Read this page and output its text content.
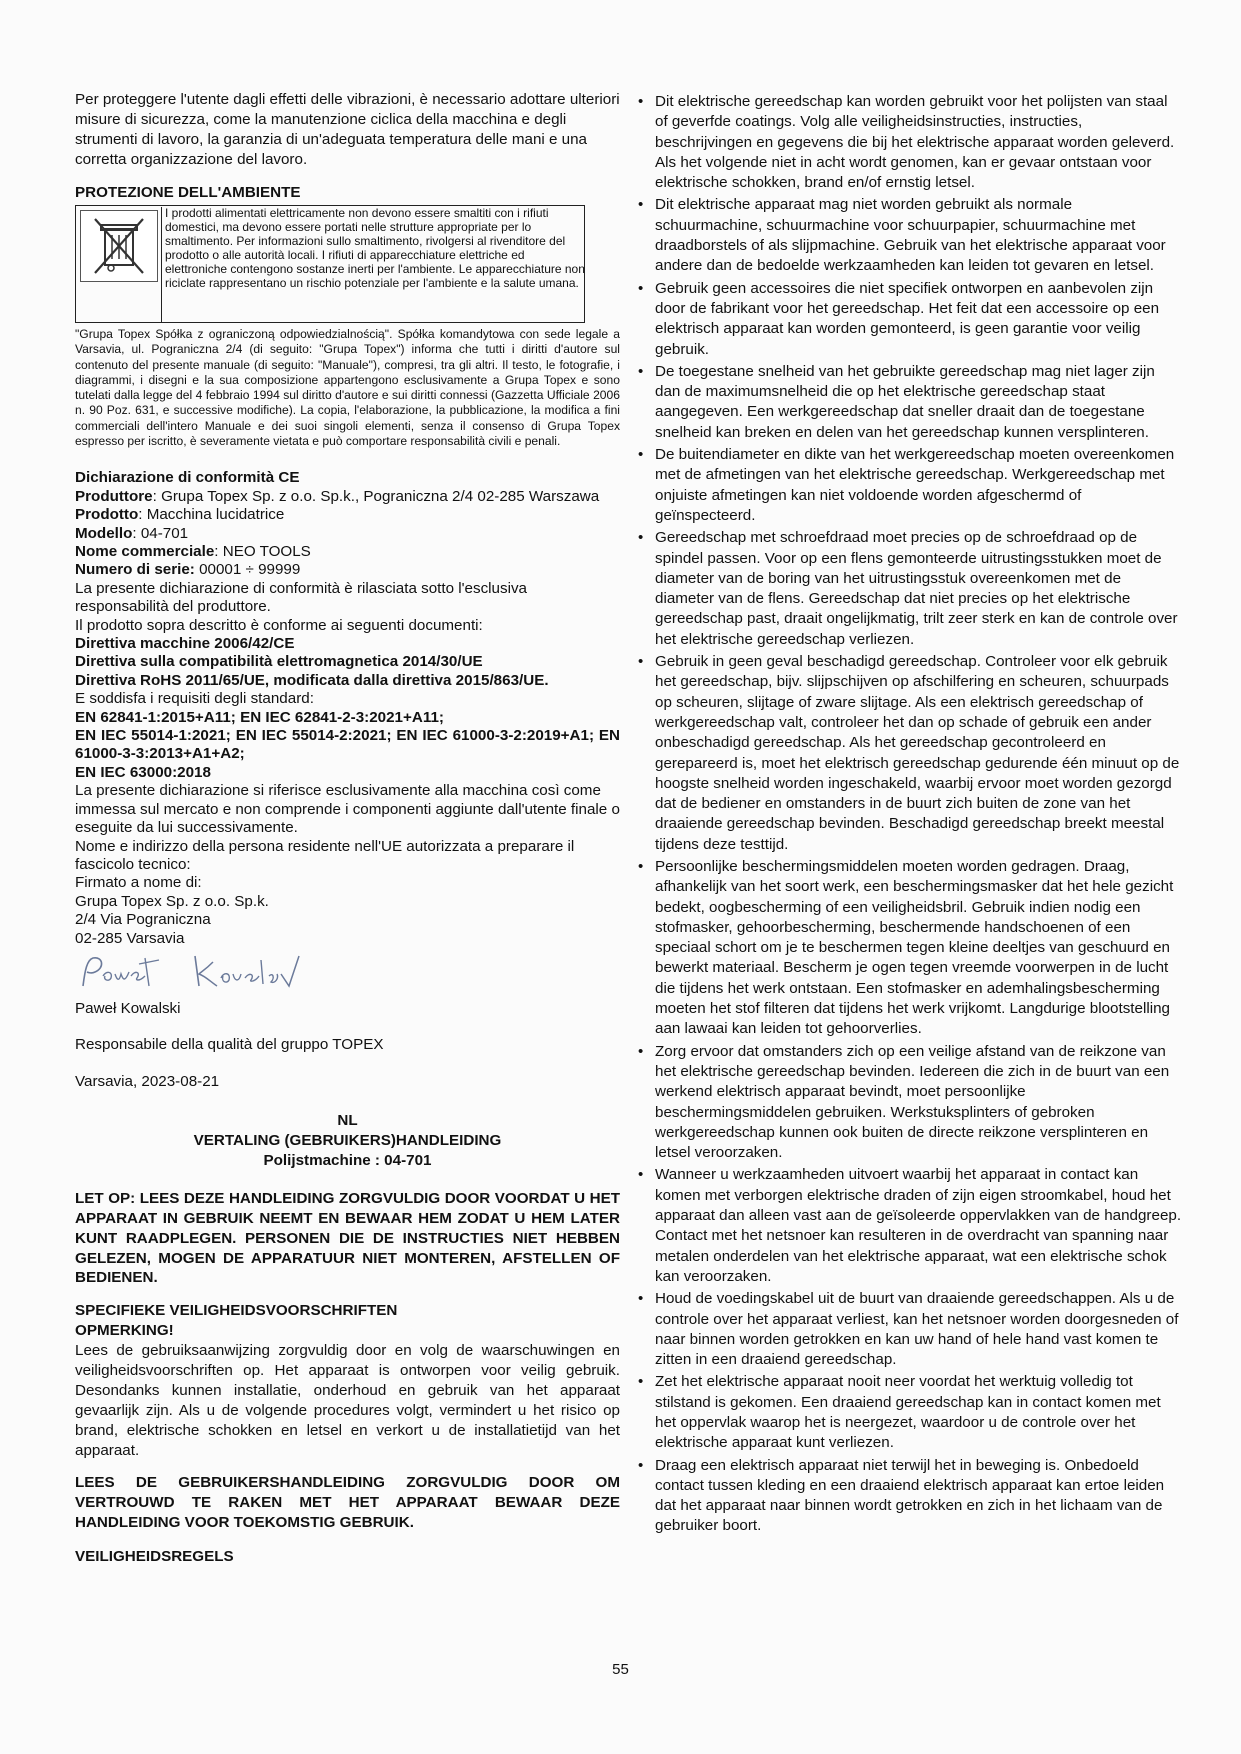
Per proteggere l'utente dagli effetti delle vibrazioni, è necessario adottare ulteriori misure di sicurezza, come la manutenzione ciclica della macchina e degli strumenti di lavoro, la garanzia di un'adeguata temperatura delle mani e una corretta organizzazione del lavoro.

PROTEZIONE DELL'AMBIENTE

I prodotti alimentati elettricamente non devono essere smaltiti con i rifiuti domestici, ma devono essere portati nelle strutture appropriate per lo smaltimento. Per informazioni sullo smaltimento, rivolgersi al rivenditore del prodotto o alle autorità locali. I rifiuti di apparecchiature elettriche ed elettroniche contengono sostanze inerti per l'ambiente. Le apparecchiature non riciclate rappresentano un rischio potenziale per l'ambiente e la salute umana.

"Grupa Topex Spółka z ograniczoną odpowiedzialnością". Spółka komandytowa con sede legale a Varsavia, ul. Pograniczna 2/4 (di seguito: "Grupa Topex") informa che tutti i diritti d'autore sul contenuto del presente manuale (di seguito: "Manuale"), compresi, tra gli altri. Il testo, le fotografie, i diagrammi, i disegni e la sua composizione appartengono esclusivamente a Grupa Topex e sono tutelati dalla legge del 4 febbraio 1994 sul diritto d'autore e sui diritti connessi (Gazzetta Ufficiale 2006 n. 90 Poz. 631, e successive modifiche). La copia, l'elaborazione, la pubblicazione, la modifica a fini commerciali dell'intero Manuale e dei suoi singoli elementi, senza il consenso di Grupa Topex espresso per iscritto, è severamente vietata e può comportare responsabilità civili e penali.

Dichiarazione di conformità CE

Produttore: Grupa Topex Sp. z o.o. Sp.k., Pograniczna 2/4 02-285 Warszawa

Prodotto: Macchina lucidatrice

Modello: 04-701

Nome commerciale: NEO TOOLS

Numero di serie: 00001 ÷ 99999

La presente dichiarazione di conformità è rilasciata sotto l'esclusiva responsabilità del produttore.

Il prodotto sopra descritto è conforme ai seguenti documenti:

Direttiva macchine 2006/42/CE

Direttiva sulla compatibilità elettromagnetica 2014/30/UE

Direttiva RoHS 2011/65/UE, modificata dalla direttiva 2015/863/UE.

E soddisfa i requisiti degli standard:

EN 62841-1:2015+A11; EN IEC 62841-2-3:2021+A11;

EN IEC 55014-1:2021; EN IEC 55014-2:2021; EN IEC 61000-3-2:2019+A1; EN 61000-3-3:2013+A1+A2;

EN IEC 63000:2018

La presente dichiarazione si riferisce esclusivamente alla macchina così come immessa sul mercato e non comprende i componenti aggiunte dall'utente finale o eseguite da lui successivamente.

Nome e indirizzo della persona residente nell'UE autorizzata a preparare il fascicolo tecnico:

Firmato a nome di:

Grupa Topex Sp. z o.o. Sp.k.

2/4 Via Pograniczna

02-285 Varsavia

Paweł Kowalski

Responsabile della qualità del gruppo TOPEX

Varsavia, 2023-08-21

NL

VERTALING (GEBRUIKERS)HANDLEIDING

Polijstmachine : 04-701

LET OP: LEES DEZE HANDLEIDING ZORGVULDIG DOOR VOORDAT U HET APPARAAT IN GEBRUIK NEEMT EN BEWAAR HEM ZODAT U HEM LATER KUNT RAADPLEGEN. PERSONEN DIE DE INSTRUCTIES NIET HEBBEN GELEZEN, MOGEN DE APPARATUUR NIET MONTEREN, AFSTELLEN OF BEDIENEN.

SPECIFIEKE VEILIGHEIDSVOORSCHRIFTEN

OPMERKING!

Lees de gebruiksaanwijzing zorgvuldig door en volg de waarschuwingen en veiligheidsvoorschriften op. Het apparaat is ontworpen voor veilig gebruik. Desondanks kunnen installatie, onderhoud en gebruik van het apparaat gevaarlijk zijn. Als u de volgende procedures volgt, vermindert u het risico op brand, elektrische schokken en letsel en verkort u de installatietijd van het apparaat.

LEES DE GEBRUIKERSHANDLEIDING ZORGVULDIG DOOR OM VERTROUWD TE RAKEN MET HET APPARAAT BEWAAR DEZE HANDLEIDING VOOR TOEKOMSTIG GEBRUIK.

VEILIGHEIDSREGELS

• Dit elektrische gereedschap kan worden gebruikt voor het polijsten van staal of geverfde coatings. Volg alle veiligheidsinstructies, instructies, beschrijvingen en gegevens die bij het elektrische apparaat worden geleverd. Als het volgende niet in acht wordt genomen, kan er gevaar ontstaan voor elektrische schokken, brand en/of ernstig letsel.
• Dit elektrische apparaat mag niet worden gebruikt als normale schuurmachine, schuurmachine voor schuurpapier, schuurmachine met draadborstels of als slijpmachine. Gebruik van het elektrische apparaat voor andere dan de bedoelde werkzaamheden kan leiden tot gevaren en letsel.
• Gebruik geen accessoires die niet specifiek ontworpen en aanbevolen zijn door de fabrikant voor het gereedschap. Het feit dat een accessoire op een elektrisch apparaat kan worden gemonteerd, is geen garantie voor veilig gebruik.
• De toegestane snelheid van het gebruikte gereedschap mag niet lager zijn dan de maximumsnelheid die op het elektrische gereedschap staat aangegeven. Een werkgereedschap dat sneller draait dan de toegestane snelheid kan breken en delen van het gereedschap kunnen versplinteren.
• De buitendiameter en dikte van het werkgereedschap moeten overeenkomen met de afmetingen van het elektrische gereedschap. Werkgereedschap met onjuiste afmetingen kan niet voldoende worden afgeschermd of geïnspecteerd.
• Gereedschap met schroefdraad moet precies op de schroefdraad op de spindel passen. Voor op een flens gemonteerde uitrustingsstukken moet de diameter van de boring van het uitrustingsstuk overeenkomen met de diameter van de flens. Gereedschap dat niet precies op het elektrische gereedschap past, draait ongelijkmatig, trilt zeer sterk en kan de controle over het elektrische gereedschap verliezen.
• Gebruik in geen geval beschadigd gereedschap. Controleer voor elk gebruik het gereedschap, bijv. slijpschijven op afschilfering en scheuren, schuurpads op scheuren, slijtage of zware slijtage. Als een elektrisch gereedschap of werkgereedschap valt, controleer het dan op schade of gebruik een ander onbeschadigd gereedschap. Als het gereedschap gecontroleerd en gerepareerd is, moet het elektrisch gereedschap gedurende één minuut op de hoogste snelheid worden ingeschakeld, waarbij ervoor moet worden gezorgd dat de bediener en omstanders in de buurt zich buiten de zone van het draaiende gereedschap bevinden. Beschadigd gereedschap breekt meestal tijdens deze testtijd.
• Persoonlijke beschermingsmiddelen moeten worden gedragen. Draag, afhankelijk van het soort werk, een beschermingsmasker dat het hele gezicht bedekt, oogbescherming of een veiligheidsbril. Gebruik indien nodig een stofmasker, gehoorbescherming, beschermende handschoenen of een speciaal schort om je te beschermen tegen kleine deeltjes van geschuurd en bewerkt materiaal. Bescherm je ogen tegen vreemde voorwerpen in de lucht die tijdens het werk ontstaan. Een stofmasker en ademhalingsbescherming moeten het stof filteren dat tijdens het werk vrijkomt. Langdurige blootstelling aan lawaai kan leiden tot gehoorverlies.
• Zorg ervoor dat omstanders zich op een veilige afstand van de reikzone van het elektrische gereedschap bevinden. Iedereen die zich in de buurt van een werkend elektrisch apparaat bevindt, moet persoonlijke beschermingsmiddelen gebruiken. Werkstuksplinters of gebroken werkgereedschap kunnen ook buiten de directe reikzone versplinteren en letsel veroorzaken.
• Wanneer u werkzaamheden uitvoert waarbij het apparaat in contact kan komen met verborgen elektrische draden of zijn eigen stroomkabel, houd het apparaat dan alleen vast aan de geïsoleerde oppervlakken van de handgreep. Contact met het netsnoer kan resulteren in de overdracht van spanning naar metalen onderdelen van het elektrische apparaat, wat een elektrische schok kan veroorzaken.
• Houd de voedingskabel uit de buurt van draaiende gereedschappen. Als u de controle over het apparaat verliest, kan het netsnoer worden doorgesneden of naar binnen worden getrokken en kan uw hand of hele hand vast komen te zitten in een draaiend gereedschap.
• Zet het elektrische apparaat nooit neer voordat het werktuig volledig tot stilstand is gekomen. Een draaiend gereedschap kan in contact komen met het oppervlak waarop het is neergezet, waardoor u de controle over het elektrische apparaat kunt verliezen.
• Draag een elektrisch apparaat niet terwijl het in beweging is. Onbedoeld contact tussen kleding en een draaiend elektrisch apparaat kan ertoe leiden dat het apparaat naar binnen wordt getrokken en zich in het lichaam van de gebruiker boort.
55
